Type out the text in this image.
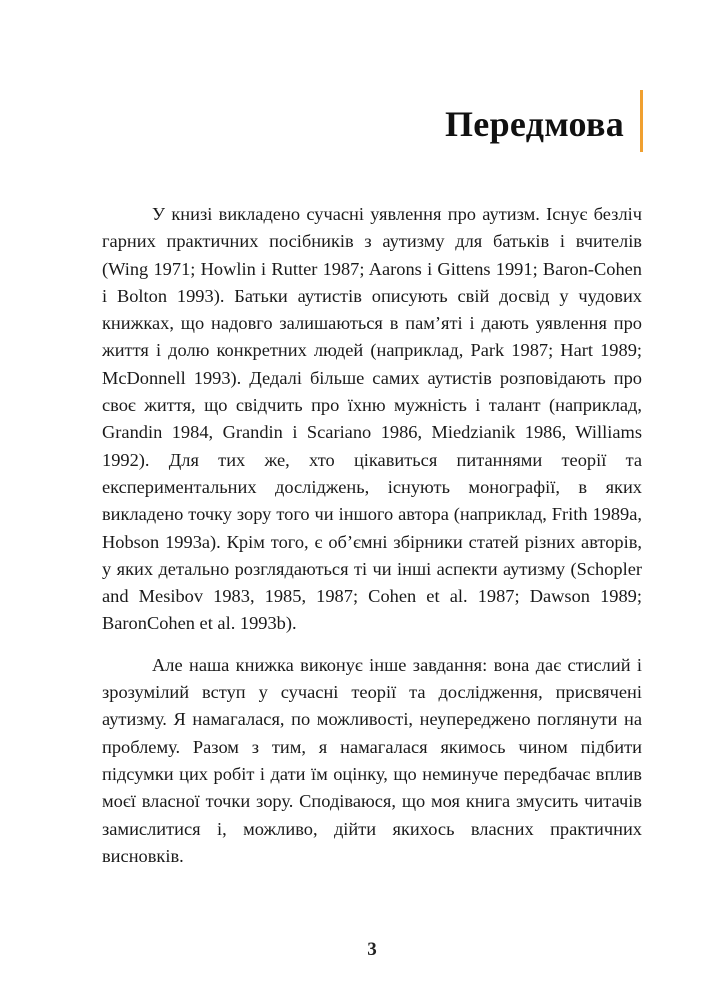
Передмова

У книзі викладено сучасні уявлення про аутизм. Існує безліч гарних практичних посібників з аутизму для батьків і вчителів (Wing 1971; Howlin і Rutter 1987; Aarons і Gittens 1991; Baron-Cohen і Bolton 1993). Батьки аутистів описують свій досвід у чудових книжках, що надовго залишаються в пам’яті і дають уявлення про життя і долю конкретних людей (наприклад, Park 1987; Hart 1989; McDonnell 1993). Дедалі більше самих аутистів розповідають про своє життя, що свідчить про їхню мужність і талант (наприклад, Grandin 1984, Grandin і Scariano 1986, Miedzianik 1986, Williams 1992). Для тих же, хто цікавиться питаннями теорії та експериментальних досліджень, існують монографії, в яких викладено точку зору того чи іншого автора (наприклад, Frith 1989a, Hobson 1993a). Крім того, є об’ємні збірники статей різних авторів, у яких детально розглядаються ті чи інші аспекти аутизму (Schopler and Mesibov 1983, 1985, 1987; Cohen et al. 1987; Dawson 1989; BaronCohen et al. 1993b).

Але наша книжка виконує інше завдання: вона дає стислий і зрозумілий вступ у сучасні теорії та дослідження, присвячені аутизму. Я намагалася, по можливості, неупереджено поглянути на проблему. Разом з тим, я намагалася якимось чином підбити підсумки цих робіт і дати їм оцінку, що неминуче передбачає вплив моєї власної точки зору. Сподіваюся, що моя книга змусить читачів замислитися і, можливо, дійти якихось власних практичних висновків.

3
